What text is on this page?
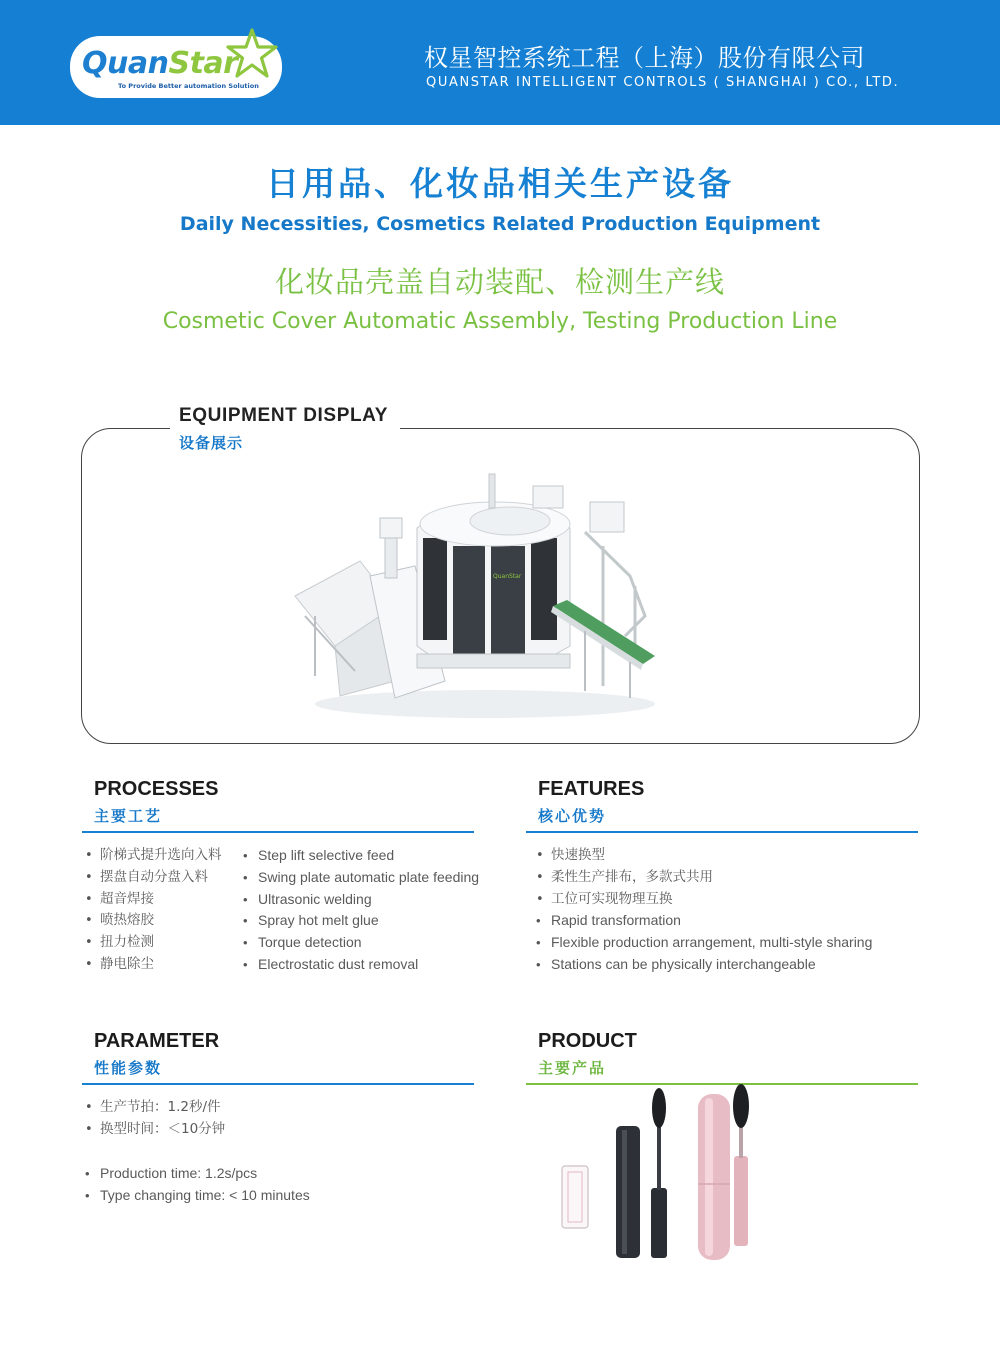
QuanStar
To Provide Better automation Solution
权星智控系统工程（上海）股份有限公司
QUANSTAR INTELLIGENT CONTROLS ( SHANGHAI ) CO., LTD.
日用品、化妆品相关生产设备
Daily Necessities, Cosmetics Related Production Equipment
化妆品壳盖自动装配、检测生产线
Cosmetic Cover Automatic Assembly, Testing Production Line
EQUIPMENT DISPLAY
设备展示
QuanStar
PROCESSES
主要工艺
• 阶梯式提升选向入料
• 摆盘自动分盘入料
• 超音焊接
• 喷热熔胶
• 扭力检测
• 静电除尘
• Step lift selective feed
• Swing plate automatic plate feeding
• Ultrasonic welding
• Spray hot melt glue
• Torque detection
• Electrostatic dust removal
FEATURES
核心优势
• 快速换型
• 柔性生产排布，多款式共用
• 工位可实现物理互换
• Rapid transformation
• Flexible production arrangement, multi-style sharing
• Stations can be physically interchangeable
PARAMETER
性能参数
• 生产节拍：1.2秒/件
• 换型时间：＜10分钟
• Production time: 1.2s/pcs
• Type changing time: < 10 minutes
PRODUCT
主要产品
